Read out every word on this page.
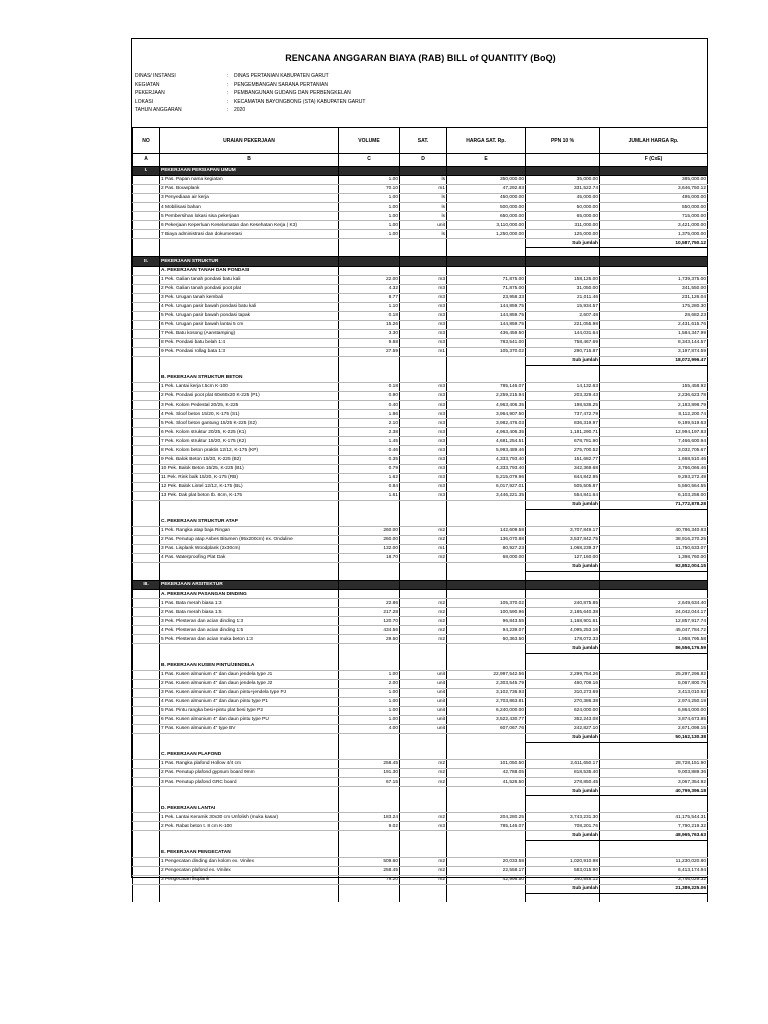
RENCANA ANGGARAN BIAYA (RAB) BILL of QUANTITY (BoQ)
DINAS/ INSTANSI	: DINAS PERTANIAN KABUPATEN GARUT
KEGIATAN	: PENGEMBANGAN SARANA PERTANIAN
PEKERJAAN	: PEMBANGUNAN GUDANG DAN PERBENGKELAN
LOKASI	: KECAMATAN BAYONGBONG (STA) KABUPATEN GARUT
TAHUN ANGGARAN	: 2020
NO	URAIAN PEKERJAAN	VOLUME	SAT.	HARGA SAT. Rp.	PPN 10 %	JUMLAH HARGA Rp.
A	B	C	D	E		F (CxE)
I.	PEKERJAAN PERSIAPAN UMUM					
	1 Pas. Papan nama kegiatan	1.00	ls	350,000.00	35,000.00	385,000.00
	2 Pas. Bouwplank	70.10	m1	47,292.83	331,522.74	3,646,750.12
	3 Penyediaan air kerja	1.00	ls	450,000.00	45,000.00	495,000.00
	4 Mobilisasi bahan	1.00	ls	500,000.00	50,000.00	550,000.00
	5 Pembersihan lokasi sisa pekerjaan	1.00	ls	650,000.00	65,000.00	715,000.00
	6 Pekerjaan Keperluan Keselamatan dan Kesehatan Kerja ( K3)	1.00	unit	3,110,000.00	311,000.00	3,421,000.00
	7 Biaya administrasi dan dokumentasi	1.00	ls	1,250,000.00	125,000.00	1,375,000.00
					Sub jumlah	10,587,750.12

II.	PEKERJAAN STRUKTUR					
	A. PEKERJAAN TANAH DAN PONDASI					
	1 Pek. Galian tanah pondasi batu kali	22.00	m3	71,875.00	158,125.00	1,739,375.00
	2 Pek. Galian tanah pondasi poot plat	4.32	m3	71,875.00	31,050.00	341,550.00
	3 Pek. Urugan tanah kembali	8.77	m3	23,958.33	21,011.46	231,126.04
	4 Pek. Urugan pasir bawah pondasi batu kali	1.10	m3	144,859.75	15,934.57	175,280.30
	5 Pek. Urugan pasir bawah pondasi tapak	0.18	m3	144,859.75	2,607.48	28,682.23
	6 Pek. Urugan pasir bawah lantai 5 cm	15.26	m3	144,859.75	221,055.98	2,431,615.76
	7 Pek. Batu kosong (Aanstamping)	3.30	m3	436,459.50	144,031.64	1,584,347.99
	8 Pek. Pondasi batu belah 1:4	9.68	m3	783,541.00	758,467.69	8,343,144.57
	9 Pek. Pondasi rollag bata 1:3	27.59	m1	105,370.02	290,715.87	3,197,874.59
					Sub jumlah	18,072,996.47

	B. PEKERJAAN STRUKTUR BETON					
	1 Pek. Lantai kerja t.5cm K-100	0.18	m3	785,146.07	14,132.63	155,458.92
	2 Pek. Pondasi poot plat 60x60x20 K-225 (P1)	0.90	m3	2,259,215.94	203,329.43	2,236,623.78
	3 Pek. Kolom Pedestal 20/25, K-225	0.40	m3	4,963,406.35	198,536.25	2,183,898.79
	4 Pek. Sloof beton 15/20, K-175 (S1)	1.86	m3	3,964,907.50	737,472.79	8,112,200.74
	5 Pek. Sloof beton gantung 15/25 K-225 (S2)	2.10	m3	3,982,476.03	836,319.97	9,199,519.63
	6 Pek. Kolom struktur 20/25, K-225 (K1)	2.38	m3	4,963,406.35	1,181,290.71	12,994,197.83
	7 Pek. Kolom struktur 15/20, K-175 (K2)	1.45	m3	4,681,254.51	678,781.90	7,466,600.94
	8 Pek. Kolom beton praktis 12/12, K-175 (KP)	0.46	m3	5,993,489.46	275,700.52	3,032,705.67
	9 Pek. Balok Beton 15/20, K-225 (B2)	0.35	m3	4,333,793.40	151,682.77	1,668,510.46
	10 Pek. Balok Beton 15/25, K-225 (B1)	0.79	m3	4,333,793.40	342,369.68	3,766,066.46
	11 Pek. Rink balk 15/20, K-175 (RB)	1.62	m3	5,215,079.96	844,842.95	9,293,272.49
	12 Pek. Balok Lintel 12/12, K-175 (BL)	0.84	m3	6,017,927.01	505,505.87	5,560,564.55
	13 Pek. Dak plat beton tb. 8cm, K-175	1.61	m3	3,446,221.35	554,841.64	6,103,258.00
					Sub jumlah	71,772,878.28

	C. PEKERJAAN STRUKTUR ATAP					
	1 Pek. Rangka atap baja Ringan	260.00	m2	142,609.58	3,707,849.17	40,786,340.83
	2 Pas. Penutup atap Asbes Bitumen (95x200cm) ex. Onduline	260.00	m2	136,070.88	3,537,842.75	38,916,270.25
	3 Pas. Lisplank Woodplank (2x30cm)	132.00	m1	80,927.23	1,068,239.37	11,750,633.07
	4 Pas. Waterproofing Plat Dak	18.70	m2	68,000.00	127,160.00	1,398,760.00
					Sub jumlah	92,852,004.15

III.	PEKERJAAN ARSITEKTUR					
	A. PEKERJAAN PASANGAN DINDING					
	1 Pas. Bata merah biasa 1:3	22.86	m2	105,370.02	240,875.85	2,649,634.40
	2 Pas. Bata merah biasa 1:5	217.28	m2	100,590.96	2,185,640.38	24,042,044.17
	3 Pek. Plesteran dan acian dinding 1:3	120.70	m2	96,843.55	1,168,901.61	12,857,917.74
	4 Pek. Plesteran dan acian dinding 1:5	434.56	m2	94,239.07	4,095,253.16	45,047,784.72
	5 Pek. Plesteran dan acian muka beton 1:3	29.50	m2	60,363.50	178,072.33	1,958,795.58
					Sub jumlah	86,556,176.59

	B. PEKERJAAN KUSEN PINTU/JENDELA					
	1 Pas. Kusen almunium 4" dan daun jendela type J1	1.00	unit	22,997,542.56	2,299,754.26	25,297,296.82
	2 Pas. Kusen almunium 4" dan daun jendela type J2	2.00	unit	2,303,545.79	460,709.16	5,067,800.75
	3 Pas. Kusen almunium 4" dan daun pintu+jendela type PJ	1.00	unit	3,102,736.93	310,273.69	3,413,010.62
	4 Pas. Kusen almunium 4" dan daun pintu type P1	1.00	unit	2,703,863.81	270,386.38	2,974,250.19
	5 Pas. Pintu rangka besi+pintu plat besi type P2	1.00	unit	6,240,000.00	624,000.00	6,864,000.00
	6 Pas. Kusen almunium 4" dan daun pintu type PU	1.00	unit	3,522,430.77	352,243.08	3,874,673.85
	7 Pas. Kusen almunium 4" type BV	4.00	unit	607,067.76	242,827.10	2,671,098.15
					Sub jumlah	50,162,130.38

	C. PEKERJAAN PLAFOND					
	1 Pas. Rangka plafond Hollow 4/4 cm	258.45	m2	101,050.50	2,611,650.17	28,728,151.90
	2 Pas. Penutup plafond gypsum board 9mm	191.30	m2	42,788.05	818,535.40	9,003,889.36
	3 Pas. Penutup plafond GRC board	67.15	m2	41,526.50	278,850.45	3,067,354.92
					Sub jumlah	40,799,396.18

	D. PEKERJAAN LANTAI					
	1 Pek. Lantai Keramik 30x30 cm Unfolish (muka kasar)	183.24	m2	204,280.25	3,743,231.30	41,175,544.31
	2 Pek. Rabat beton t. 8 cm K-100	9.02	m3	785,146.07	708,201.76	7,790,219.32
					Sub jumlah	48,965,763.63

	E. PEKERJAAN PENGECATAN					
	1 Pengecatan dinding dan kolom ex. Vinilex	509.60	m2	20,033.58	1,020,910.98	11,230,020.80
	2 Pengecatan plafond ex. Vinilex	258.45	m2	22,558.17	583,015.90	6,413,174.94
	3 Pengecatan listplank	79.20	m2	42,998.50	340,548.12	3,746,029.32
					Sub jumlah	21,389,225.06
